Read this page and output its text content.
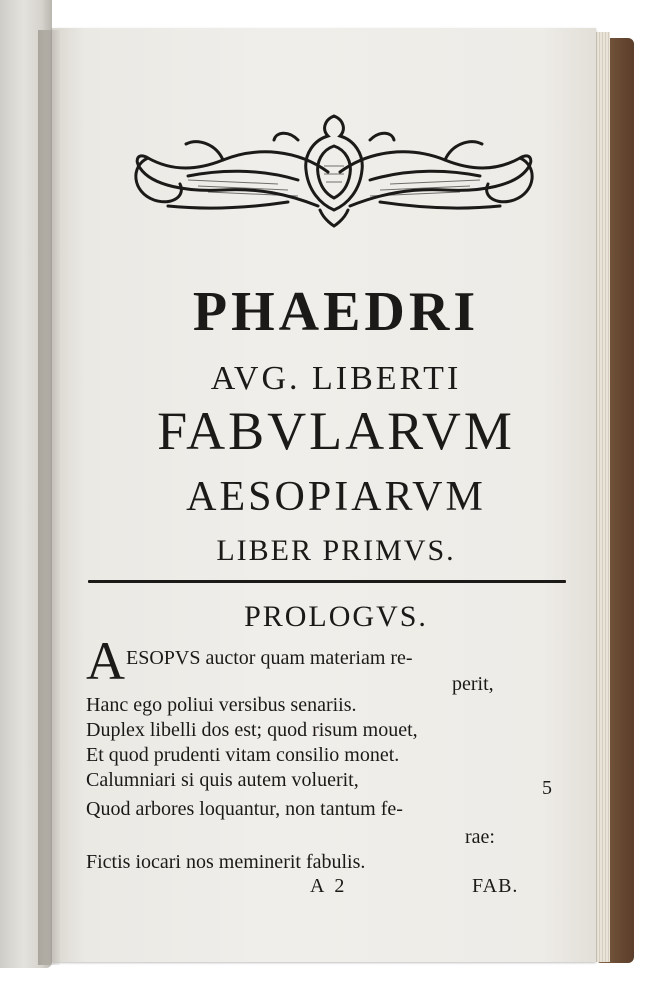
PHAEDRI
AVG. LIBERTI
FABVLARVM
AESOPIARVM
LIBER PRIMVS.
PROLOGVS.
A ESOPVS auctor quam materiam re-
perit,
Hanc ego poliui versibus senariis.
Duplex libelli dos est; quod risum mouet,
Et quod prudenti vitam consilio monet.
Calumniari si quis autem voluerit,	5
Quod arbores loquantur, non tantum fe-
rae:
Fictis iocari nos meminerit fabulis.
A 2	FAB.
